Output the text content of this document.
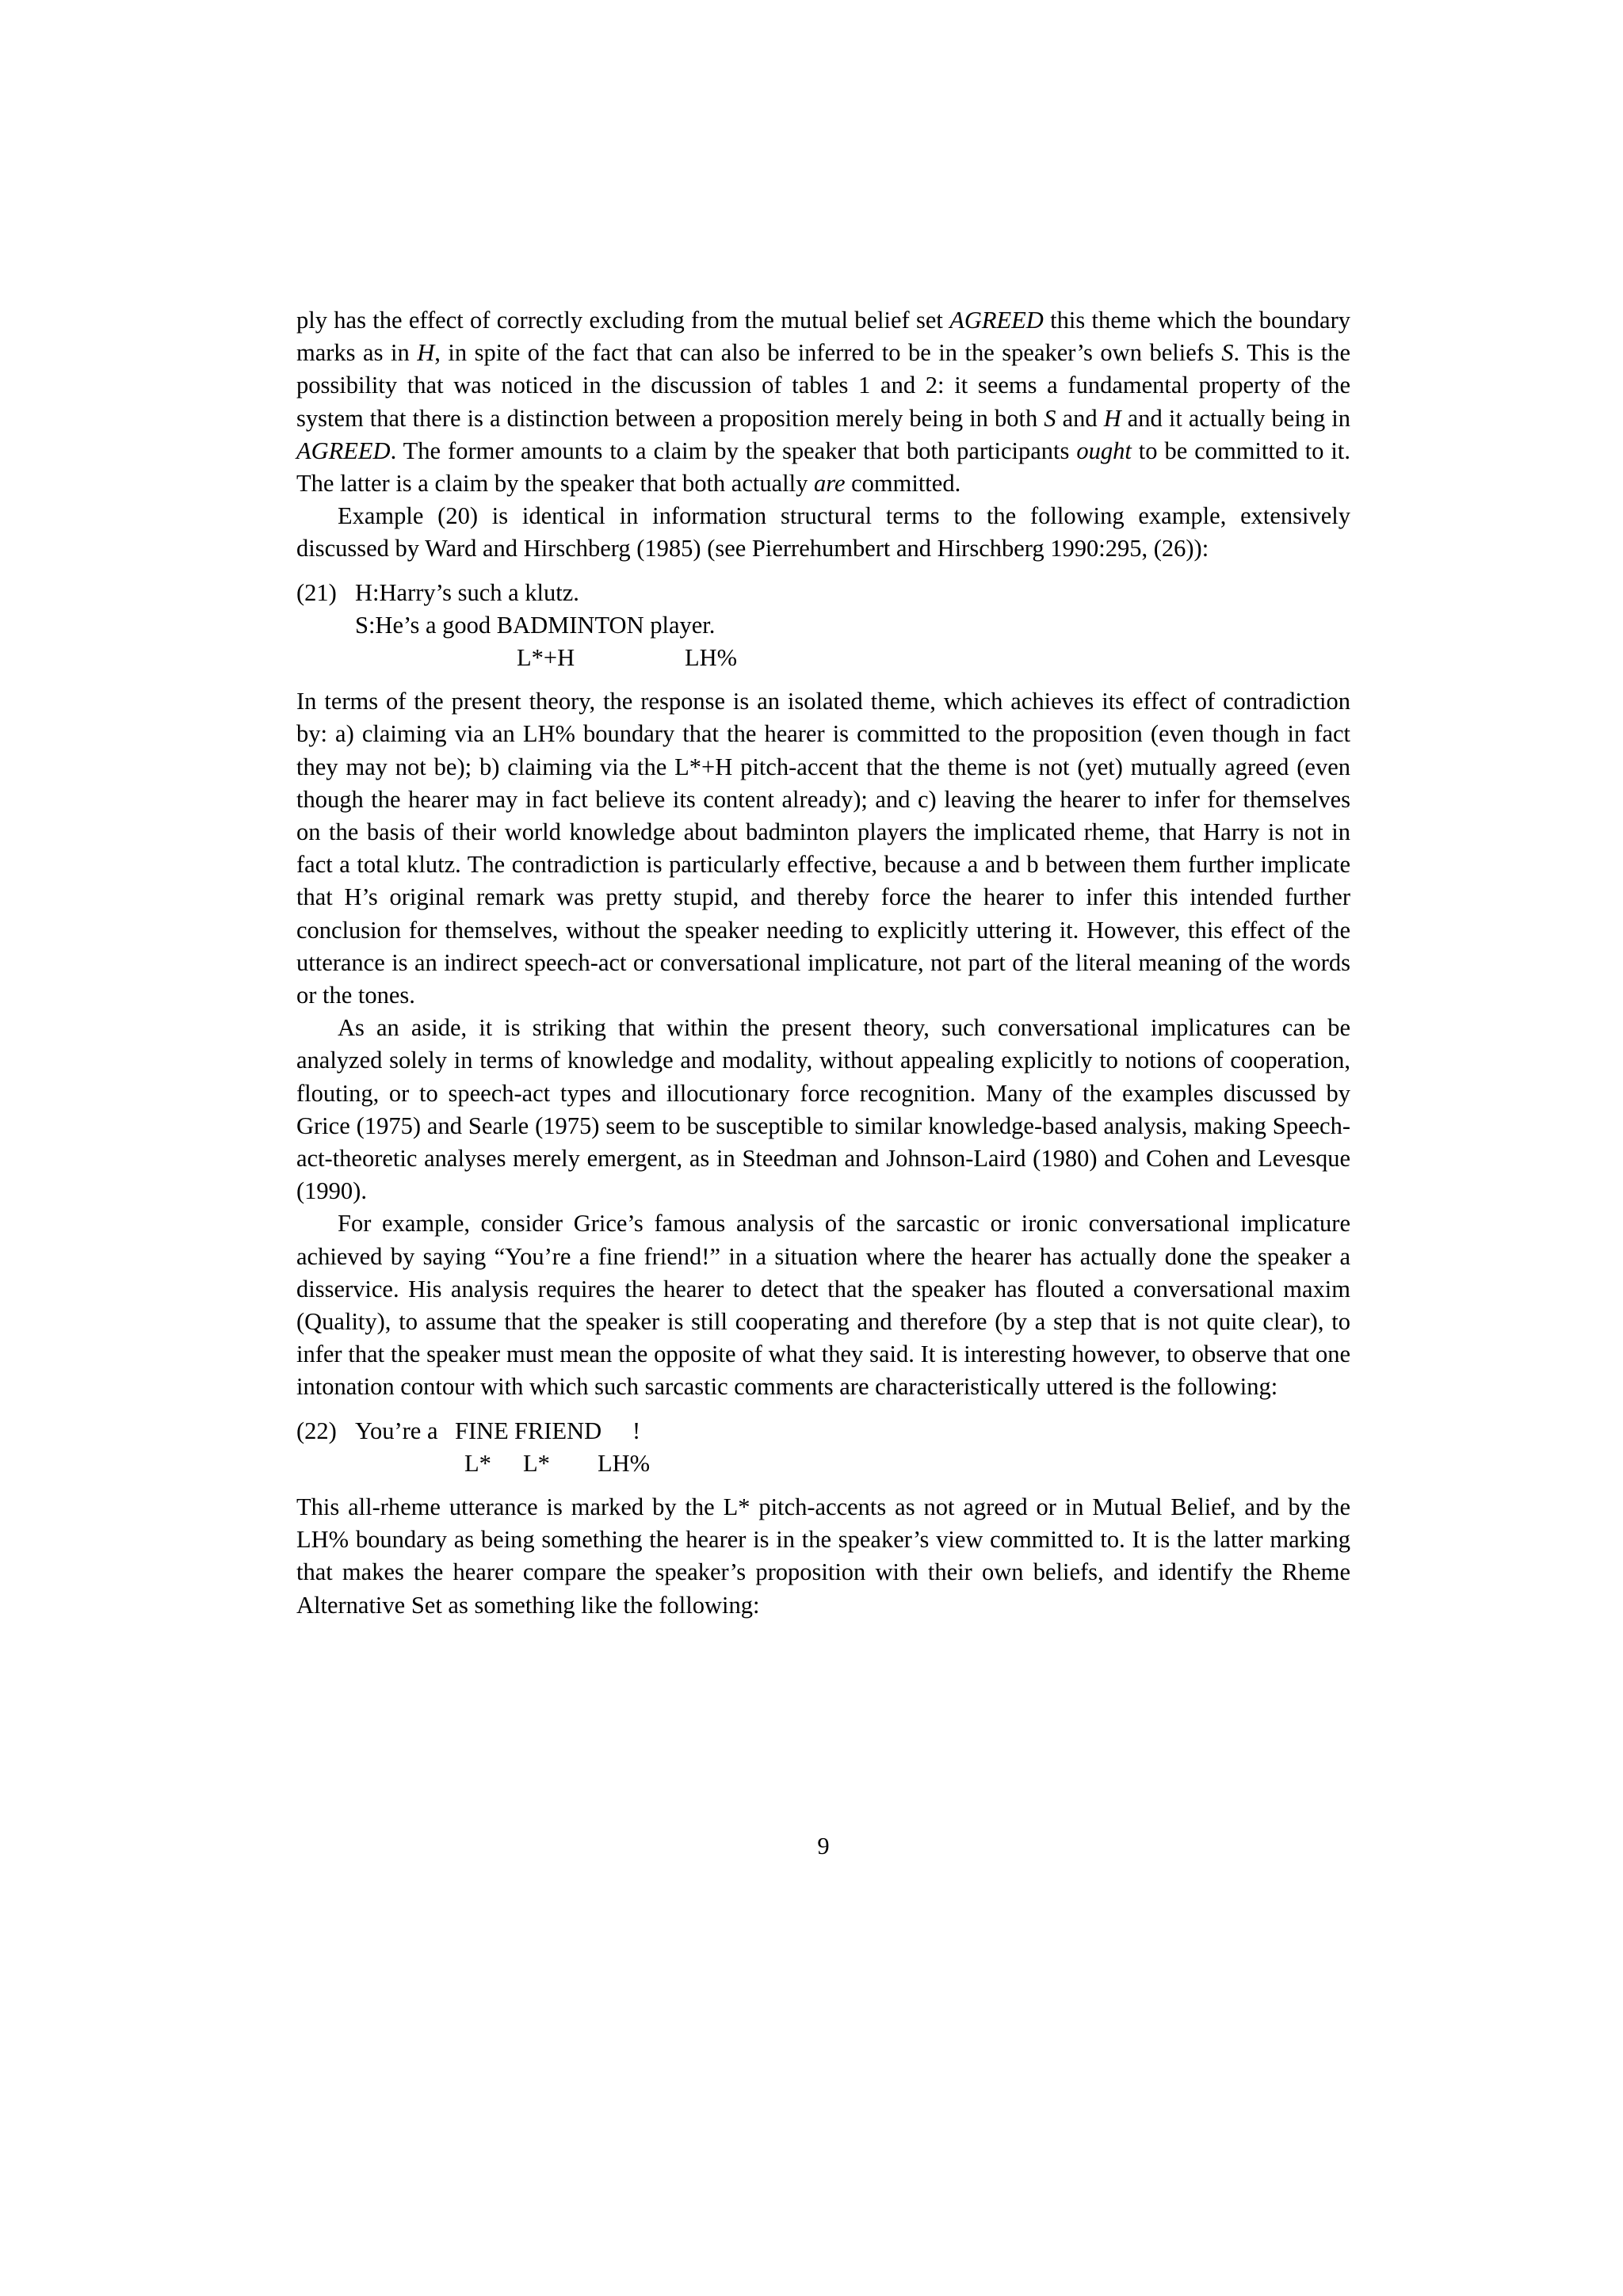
ply has the effect of correctly excluding from the mutual belief set AGREED this theme which the boundary marks as in H, in spite of the fact that can also be inferred to be in the speaker’s own beliefs S. This is the possibility that was noticed in the discussion of tables 1 and 2: it seems a fundamental property of the system that there is a distinction between a proposition merely being in both S and H and it actually being in AGREED. The former amounts to a claim by the speaker that both participants ought to be committed to it. The latter is a claim by the speaker that both actually are committed.

Example (20) is identical in information structural terms to the following example, extensively discussed by Ward and Hirschberg (1985) (see Pierrehumbert and Hirschberg 1990:295, (26)):

(21) H:Harry’s such a klutz.
S:He’s a good BADMINTON player.
L*+H	LH%

In terms of the present theory, the response is an isolated theme, which achieves its effect of contradiction by: a) claiming via an LH% boundary that the hearer is committed to the proposition (even though in fact they may not be); b) claiming via the L*+H pitch-accent that the theme is not (yet) mutually agreed (even though the hearer may in fact believe its content already); and c) leaving the hearer to infer for themselves on the basis of their world knowledge about badminton players the implicated rheme, that Harry is not in fact a total klutz. The contradiction is particularly effective, because a and b between them further implicate that H’s original remark was pretty stupid, and thereby force the hearer to infer this intended further conclusion for themselves, without the speaker needing to explicitly uttering it. However, this effect of the utterance is an indirect speech-act or conversational implicature, not part of the literal meaning of the words or the tones.

As an aside, it is striking that within the present theory, such conversational implicatures can be analyzed solely in terms of knowledge and modality, without appealing explicitly to notions of cooperation, flouting, or to speech-act types and illocutionary force recognition. Many of the examples discussed by Grice (1975) and Searle (1975) seem to be susceptible to similar knowledge-based analysis, making Speech-act-theoretic analyses merely emergent, as in Steedman and Johnson-Laird (1980) and Cohen and Levesque (1990).

For example, consider Grice’s famous analysis of the sarcastic or ironic conversational implicature achieved by saying “You’re a fine friend!” in a situation where the hearer has actually done the speaker a disservice. His analysis requires the hearer to detect that the speaker has flouted a conversational maxim (Quality), to assume that the speaker is still cooperating and therefore (by a step that is not quite clear), to infer that the speaker must mean the opposite of what they said. It is interesting however, to observe that one intonation contour with which such sarcastic comments are characteristically uttered is the following:

(22) You’re a FINE FRIEND !
L* L* LH%

This all-rheme utterance is marked by the L* pitch-accents as not agreed or in Mutual Belief, and by the LH% boundary as being something the hearer is in the speaker’s view committed to. It is the latter marking that makes the hearer compare the speaker’s proposition with their own beliefs, and identify the Rheme Alternative Set as something like the following:

9
